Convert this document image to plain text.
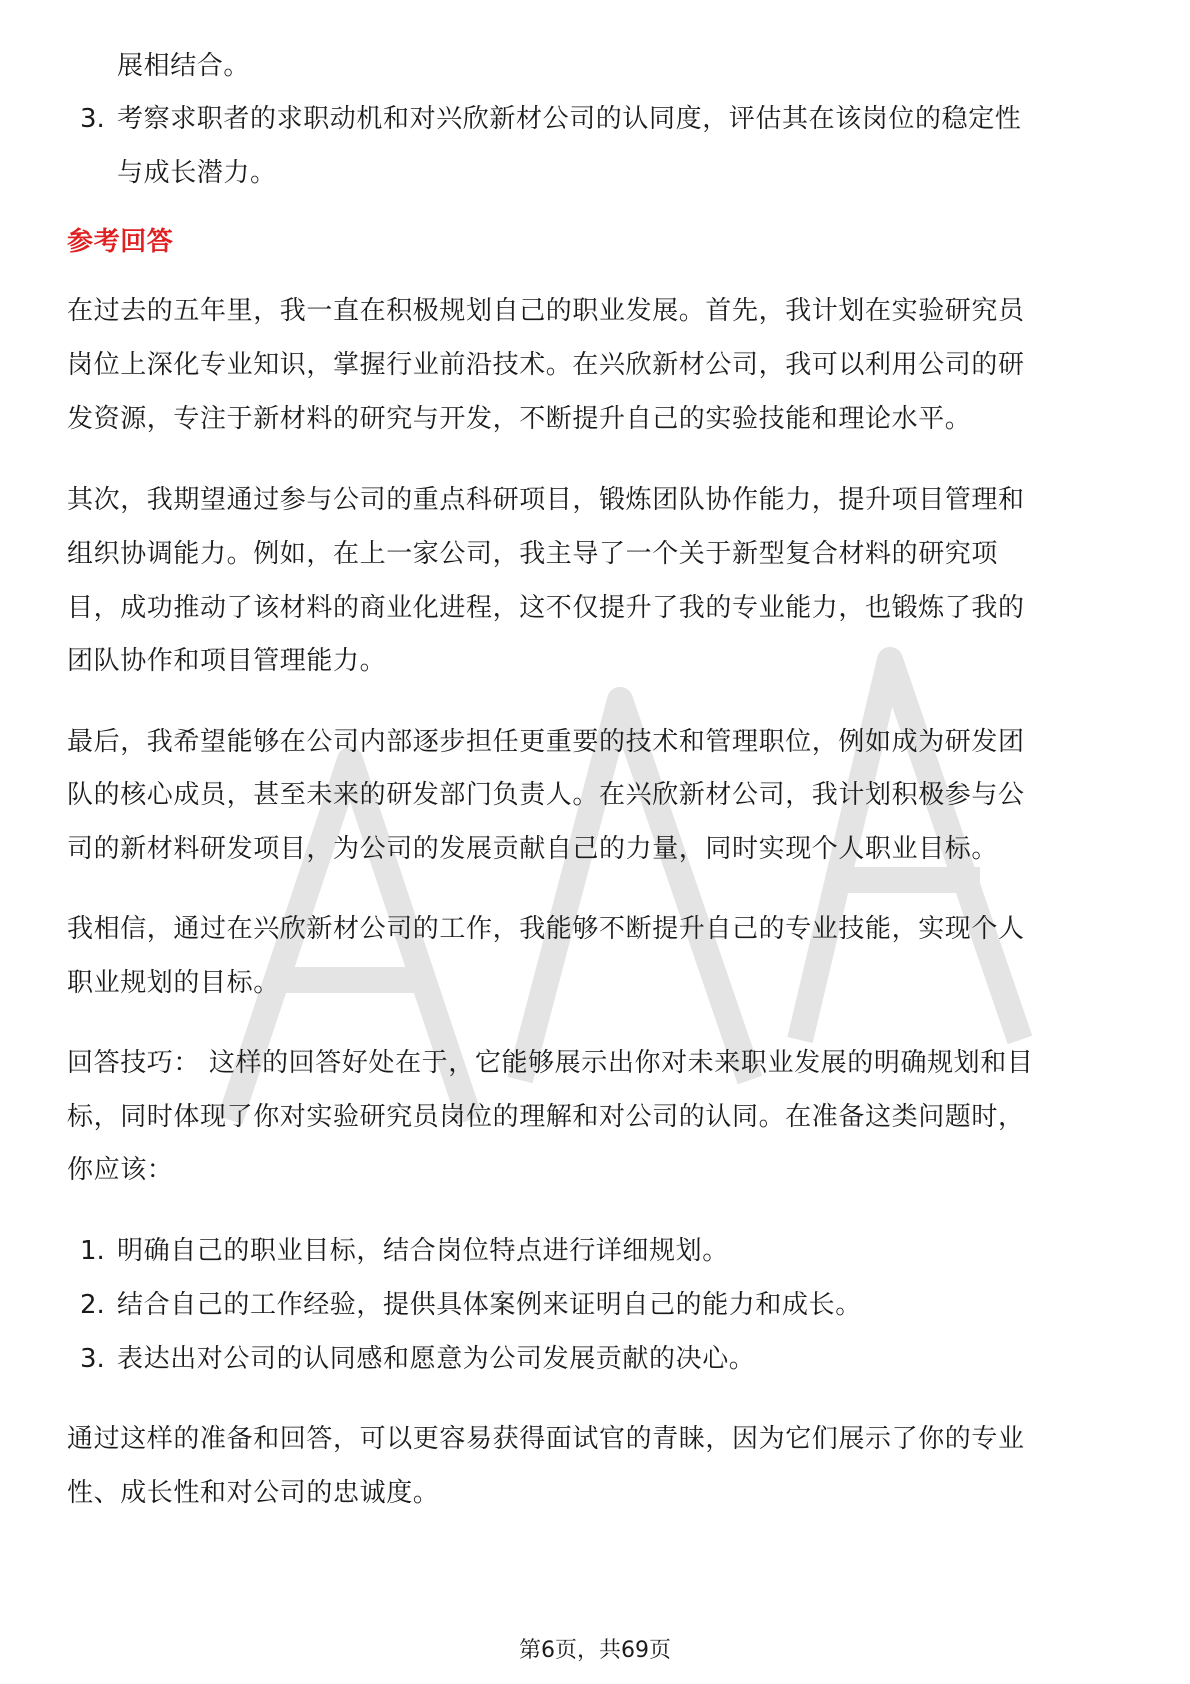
展相结合。
3. 考察求职者的求职动机和对兴欣新材公司的认同度，评估其在该岗位的稳定性
与成长潜力。
参考回答
在过去的五年里，我一直在积极规划自己的职业发展。首先，我计划在实验研究员
岗位上深化专业知识，掌握行业前沿技术。在兴欣新材公司，我可以利用公司的研
发资源，专注于新材料的研究与开发，不断提升自己的实验技能和理论水平。
其次，我期望通过参与公司的重点科研项目，锻炼团队协作能力，提升项目管理和
组织协调能力。例如，在上一家公司，我主导了一个关于新型复合材料的研究项
目，成功推动了该材料的商业化进程，这不仅提升了我的专业能力，也锻炼了我的
团队协作和项目管理能力。
最后，我希望能够在公司内部逐步担任更重要的技术和管理职位，例如成为研发团
队的核心成员，甚至未来的研发部门负责人。在兴欣新材公司，我计划积极参与公
司的新材料研发项目，为公司的发展贡献自己的力量，同时实现个人职业目标。
我相信，通过在兴欣新材公司的工作，我能够不断提升自己的专业技能，实现个人
职业规划的目标。
回答技巧： 这样的回答好处在于，它能够展示出你对未来职业发展的明确规划和目
标，同时体现了你对实验研究员岗位的理解和对公司的认同。在准备这类问题时，
你应该：
1. 明确自己的职业目标，结合岗位特点进行详细规划。
2. 结合自己的工作经验，提供具体案例来证明自己的能力和成长。
3. 表达出对公司的认同感和愿意为公司发展贡献的决心。
通过这样的准备和回答，可以更容易获得面试官的青睐，因为它们展示了你的专业
性、成长性和对公司的忠诚度。
第6页，共69页
